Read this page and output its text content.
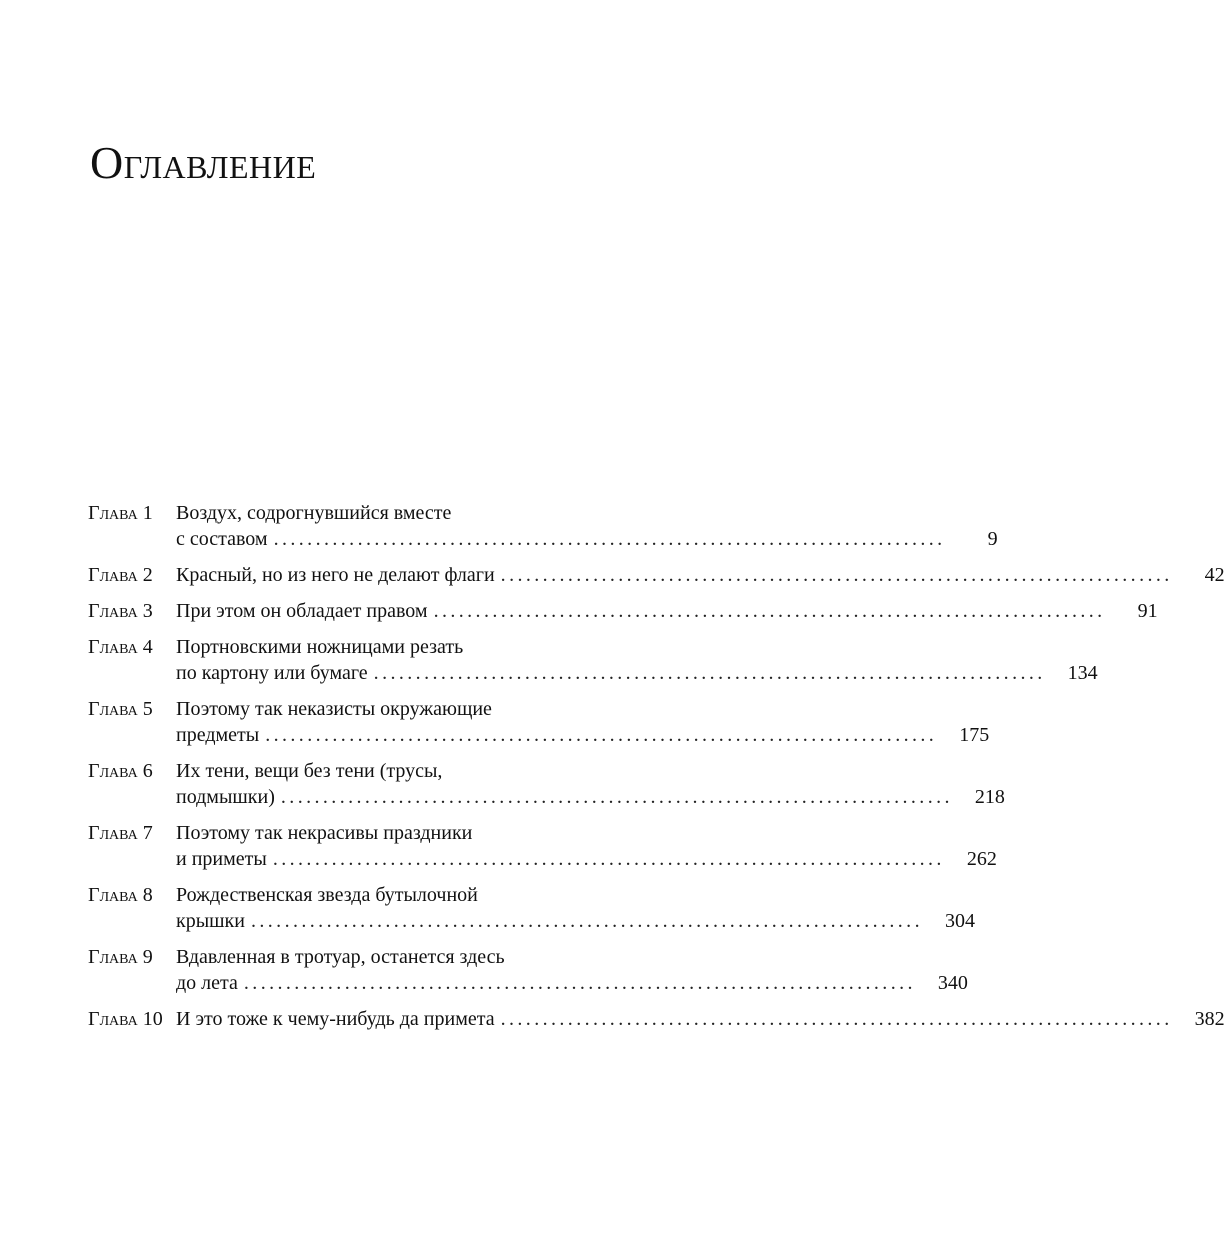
Оглавление
Глава 1	Воздух, содрогнувшийся вместе
с составом ................................................................................	9
Глава 2	Красный, но из него не делают флаги ................................................................................	42
Глава 3	При этом он обладает правом ................................................................................	91
Глава 4	Портновскими ножницами резать
по картону или бумаге ................................................................................	134
Глава 5	Поэтому так неказисты окружающие
предметы ................................................................................	175
Глава 6	Их тени, вещи без тени (трусы,
подмышки) ................................................................................	218
Глава 7	Поэтому так некрасивы праздники
и приметы ................................................................................	262
Глава 8	Рождественская звезда бутылочной
крышки ................................................................................	304
Глава 9	Вдавленная в тротуар, останется здесь
до лета ................................................................................	340
Глава 10 И это тоже к чему-нибудь да примета ................................................................................	382
